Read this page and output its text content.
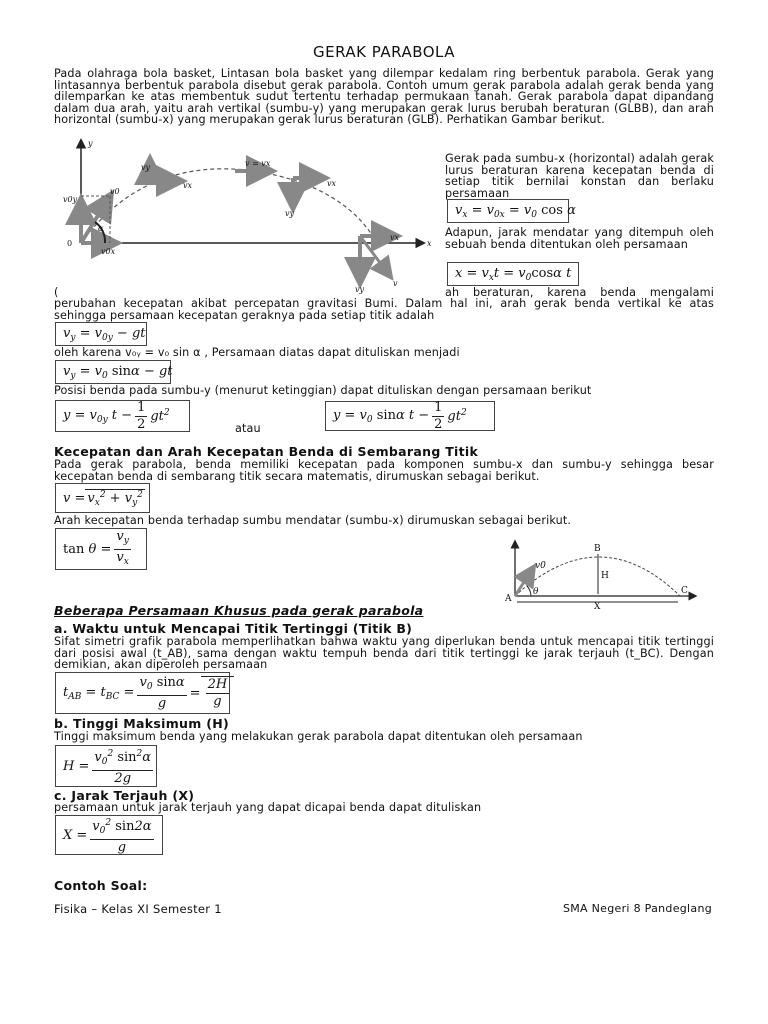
GERAK PARABOLA
Pada olahraga bola basket, Lintasan bola basket yang dilempar kedalam ring berbentuk parabola. Gerak yang lintasannya berbentuk parabola disebut gerak parabola. Contoh umum gerak parabola adalah gerak benda yang dilemparkan ke atas membentuk sudut tertentu terhadap permukaan tanah. Gerak parabola dapat dipandang dalam dua arah, yaitu arah vertikal (sumbu-y) yang merupakan gerak lurus berubah beraturan (GLBB), dan arah horizontal (sumbu-x) yang merupakan gerak lurus beraturan (GLB). Perhatikan Gambar berikut.
y
x
0
v0y
v0
α
v0x
vy
vx
v = vx
vx
vy
vx
vy
v
Gerak pada sumbu-x (horizontal) adalah gerak lurus beraturan karena kecepatan benda di setiap titik bernilai konstan dan berlaku persamaan
$v_x = v_{0x} = v_0$ cos α
Adapun, jarak mendatar yang ditempuh oleh sebuah benda ditentukan oleh persamaan
$x = v_xt = v_0\cos\alpha$ t
(	ah beraturan, karena benda mengalami
perubahan kecepatan akibat percepatan gravitasi Bumi. Dalam hal ini, arah gerak benda vertikal ke atas sehingga persamaan kecepatan geraknya pada setiap titik adalah
$v_y = v_{0y}$ − gt
oleh karena v₀ᵧ = v₀ sin α , Persamaan diatas dapat dituliskan menjadi
$v_y = v_0$ sinα − gt
Posisi benda pada sumbu-y (menurut ketinggian) dapat dituliskan dengan persamaan berikut
$y = v_{0y}$ $t - \frac{1}{2} gt^2$
atau
$y = v_0$ sinα $t - \frac{1}{2} gt^2$
Kecepatan dan Arah Kecepatan Benda di Sembarang Titik
Pada gerak parabola, benda memiliki kecepatan pada komponen sumbu-x dan sumbu-y sehingga besar kecepatan benda di sembarang titik secara matematis, dirumuskan sebagai berikut.
$v = v_x^2 + v_y^2$
Arah kecepatan benda terhadap sumbu mendatar (sumbu-x) dirumuskan sebagai berikut.
$\tan \theta = \frac{v_y}{v_x}$
A
B
C
H
X
θ
v0
Beberapa Persamaan Khusus pada gerak parabola
a. Waktu untuk Mencapai Titik Tertinggi (Titik B)
Sifat simetri grafik parabola memperlihatkan bahwa waktu yang diperlukan benda untuk mencapai titik tertinggi dari posisi awal (t_AB), sama dengan waktu tempuh benda dari titik tertinggi ke jarak terjauh (t_BC). Dengan demikian, akan diperoleh persamaan
$t_{AB} = t_{BC} = \frac{v_0 \sin\alpha}{g} = \frac{2H}{g}$
b. Tinggi Maksimum (H)
Tinggi maksimum benda yang melakukan gerak parabola dapat ditentukan oleh persamaan
$H = \frac{v_0^2 \sin^2\alpha}{2g}$
c. Jarak Terjauh (X)
persamaan untuk jarak terjauh yang dapat dicapai benda dapat dituliskan
$X = \frac{v_0^2 \sin 2\alpha}{g}$
Contoh Soal:
Fisika – Kelas XI Semester 1	SMA Negeri 8 Pandeglang
